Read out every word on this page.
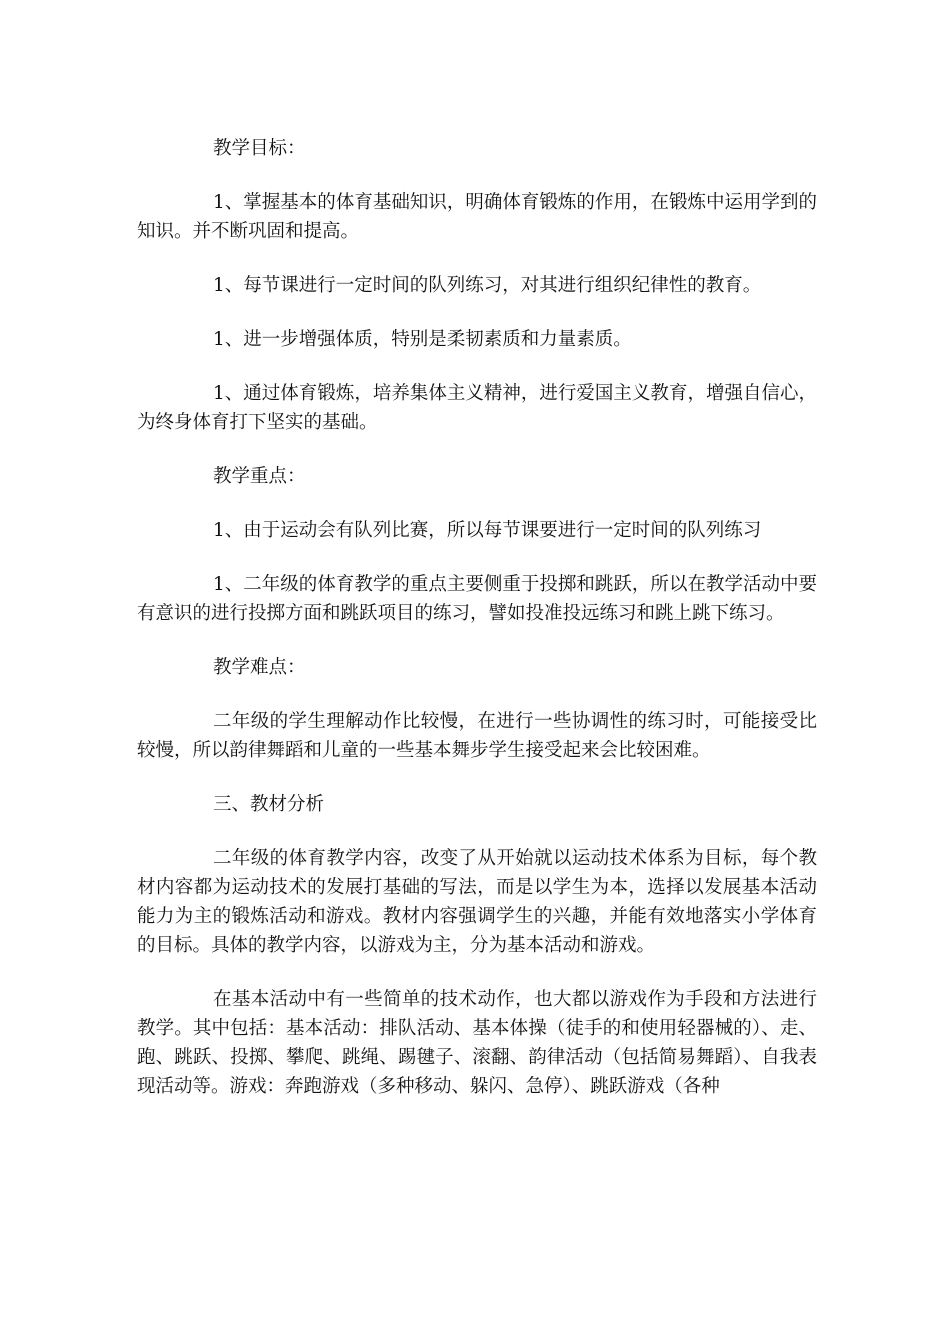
教学目标：

1、掌握基本的体育基础知识，明确体育锻炼的作用，在锻炼中运用学到的知识。并不断巩固和提高。

1、每节课进行一定时间的队列练习，对其进行组织纪律性的教育。

1、进一步增强体质，特别是柔韧素质和力量素质。

1、通过体育锻炼，培养集体主义精神，进行爱国主义教育，增强自信心，为终身体育打下坚实的基础。

教学重点：

1、由于运动会有队列比赛，所以每节课要进行一定时间的队列练习

1、二年级的体育教学的重点主要侧重于投掷和跳跃，所以在教学活动中要有意识的进行投掷方面和跳跃项目的练习，譬如投准投远练习和跳上跳下练习。

教学难点：

二年级的学生理解动作比较慢，在进行一些协调性的练习时，可能接受比较慢，所以韵律舞蹈和儿童的一些基本舞步学生接受起来会比较困难。

三、教材分析

二年级的体育教学内容，改变了从开始就以运动技术体系为目标，每个教材内容都为运动技术的发展打基础的写法，而是以学生为本，选择以发展基本活动能力为主的锻炼活动和游戏。教材内容强调学生的兴趣，并能有效地落实小学体育的目标。具体的教学内容，以游戏为主，分为基本活动和游戏。

在基本活动中有一些简单的技术动作，也大都以游戏作为手段和方法进行教学。其中包括：基本活动：排队活动、基本体操（徒手的和使用轻器械的）、走、跑、跳跃、投掷、攀爬、跳绳、踢毽子、滚翻、韵律活动（包括简易舞蹈）、自我表现活动等。游戏：奔跑游戏（多种移动、躲闪、急停）、跳跃游戏（各种
